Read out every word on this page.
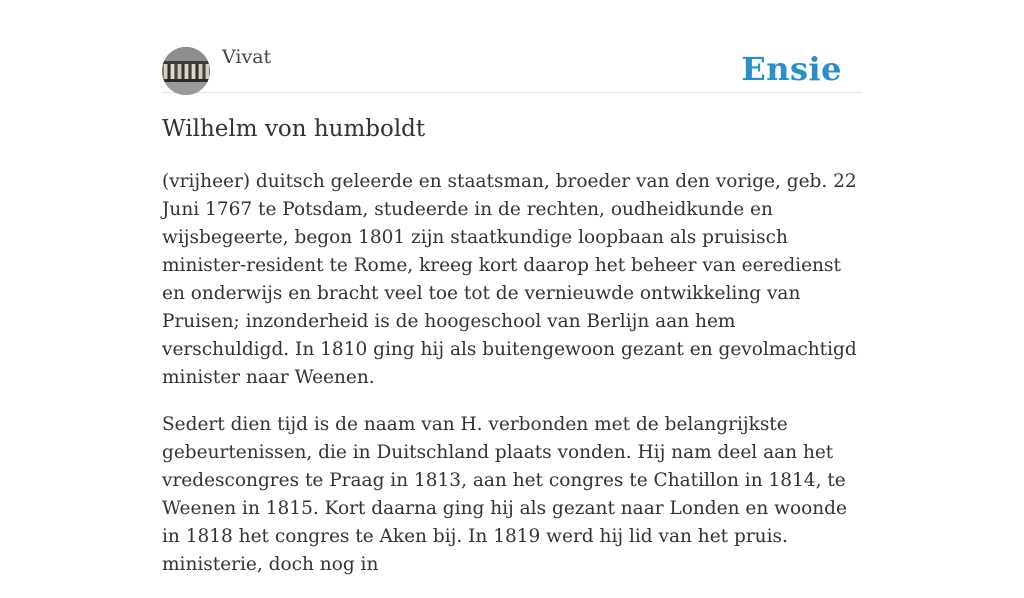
Vivat	Ensie
Wilhelm von humboldt

(vrijheer) duitsch geleerde en staatsman, broeder van den vorige, geb. 22 Juni 1767 te Potsdam, studeerde in de rechten, oudheidkunde en wijsbegeerte, begon 1801 zijn staatkundige loopbaan als pruisisch minister-resident te Rome, kreeg kort daarop het beheer van eeredienst en onderwijs en bracht veel toe tot de vernieuwde ontwikkeling van Pruisen; inzonderheid is de hoogeschool van Berlijn aan hem verschuldigd. In 1810 ging hij als buitengewoon gezant en gevolmachtigd minister naar Weenen.

Sedert dien tijd is de naam van H. verbonden met de belangrijkste gebeurtenissen, die in Duitschland plaats vonden. Hij nam deel aan het vredescongres te Praag in 1813, aan het congres te Chatillon in 1814, te Weenen in 1815. Kort daarna ging hij als gezant naar Londen en woonde in 1818 het congres te Aken bij. In 1819 werd hij lid van het pruis. ministerie, doch nog in
